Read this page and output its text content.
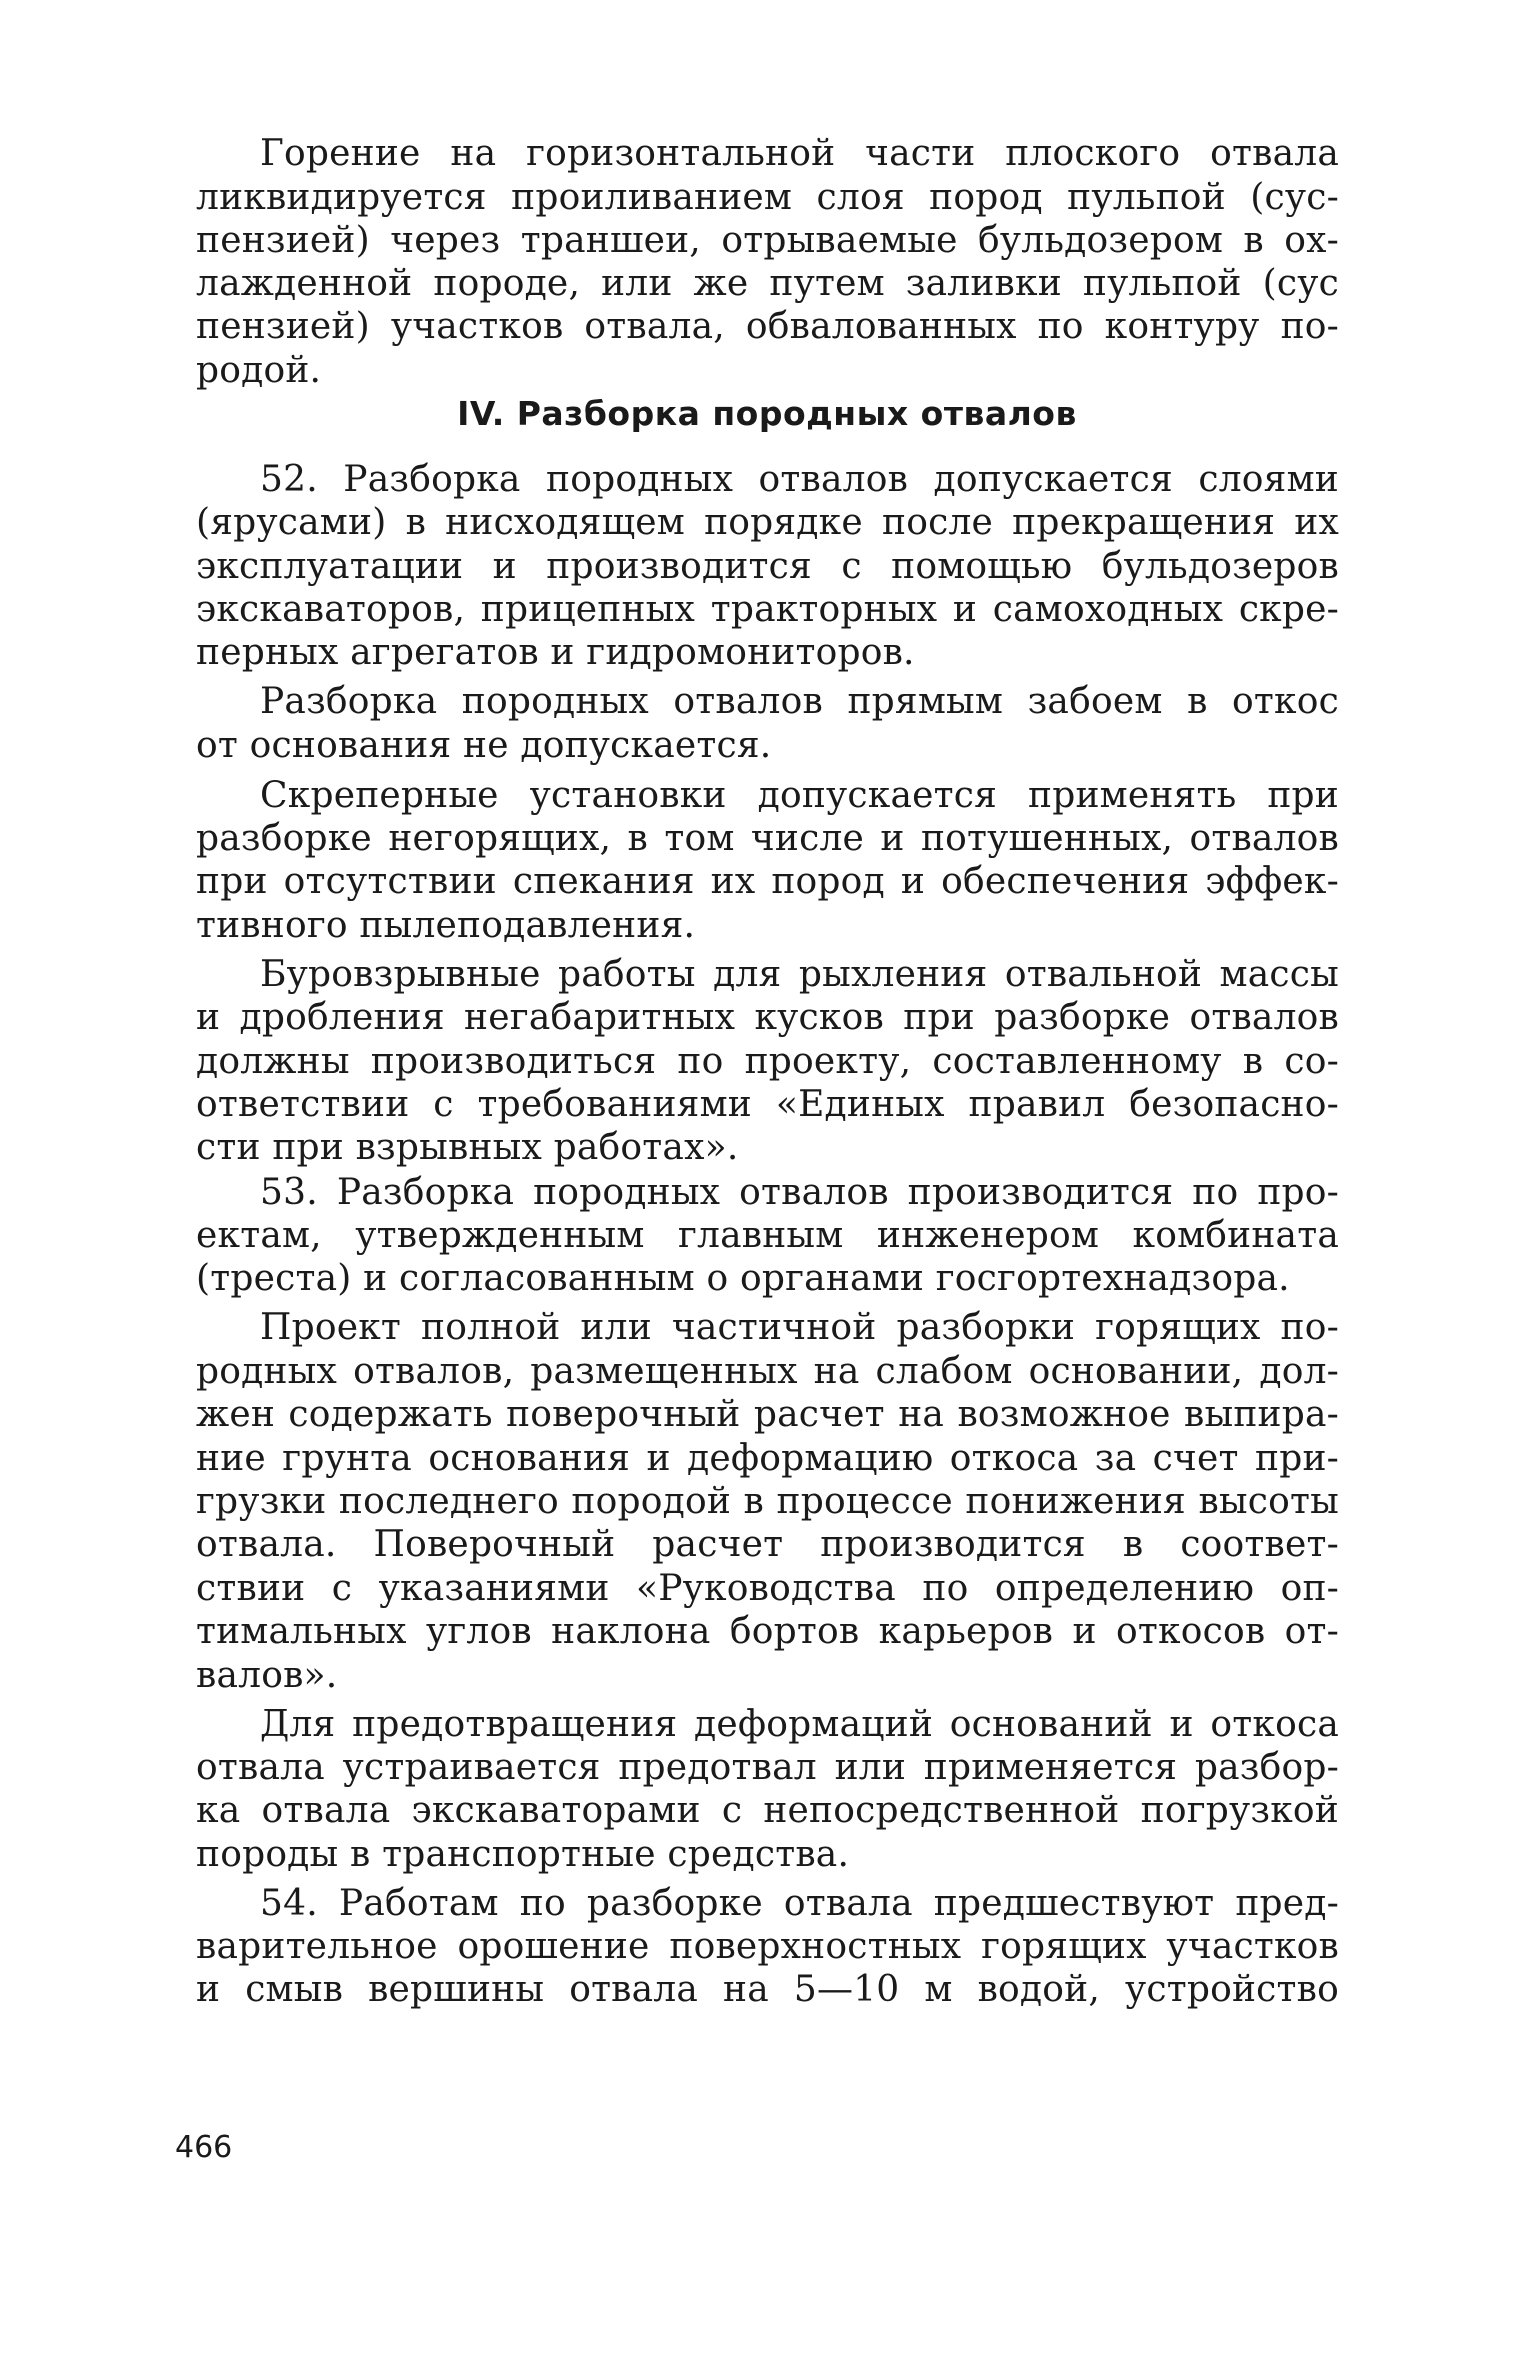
Горение на горизонтальной части плоского отвала
ликвидируется проиливанием слоя пород пульпой (сус-
пензией) через траншеи, отрываемые бульдозером в ох-
лажденной породе, или же путем заливки пульпой (сус
пензией) участков отвала, обвалованных по контуру по-
родой.
IV. Разборка породных отвалов
52. Разборка породных отвалов допускается слоями
(ярусами) в нисходящем порядке после прекращения их
эксплуатации и производится с помощью бульдозеров
экскаваторов, прицепных тракторных и самоходных скре-
перных агрегатов и гидромониторов.
Разборка породных отвалов прямым забоем в откос
от основания не допускается.
Скреперные установки допускается применять при
разборке негорящих, в том числе и потушенных, отвалов
при отсутствии спекания их пород и обеспечения эффек-
тивного пылеподавления.
Буровзрывные работы для рыхления отвальной массы
и дробления негабаритных кусков при разборке отвалов
должны производиться по проекту, составленному в со-
ответствии с требованиями «Единых правил безопасно-
сти при взрывных работах».
53. Разборка породных отвалов производится по про-
ектам, утвержденным главным инженером комбината
(треста) и согласованным о органами госгортехнадзора.
Проект полной или частичной разборки горящих по-
родных отвалов, размещенных на слабом основании, дол-
жен содержать поверочный расчет на возможное выпира-
ние грунта основания и деформацию откоса за счет при-
грузки последнего породой в процессе понижения высоты
отвала. Поверочный расчет производится в соответ-
ствии с указаниями «Руководства по определению оп-
тимальных углов наклона бортов карьеров и откосов от-
валов».
Для предотвращения деформаций оснований и откоса
отвала устраивается предотвал или применяется разбор-
ка отвала экскаваторами с непосредственной погрузкой
породы в транспортные средства.
54. Работам по разборке отвала предшествуют пред-
варительное орошение поверхностных горящих участков
и смыв вершины отвала на 5—10 м водой, устройство
466
